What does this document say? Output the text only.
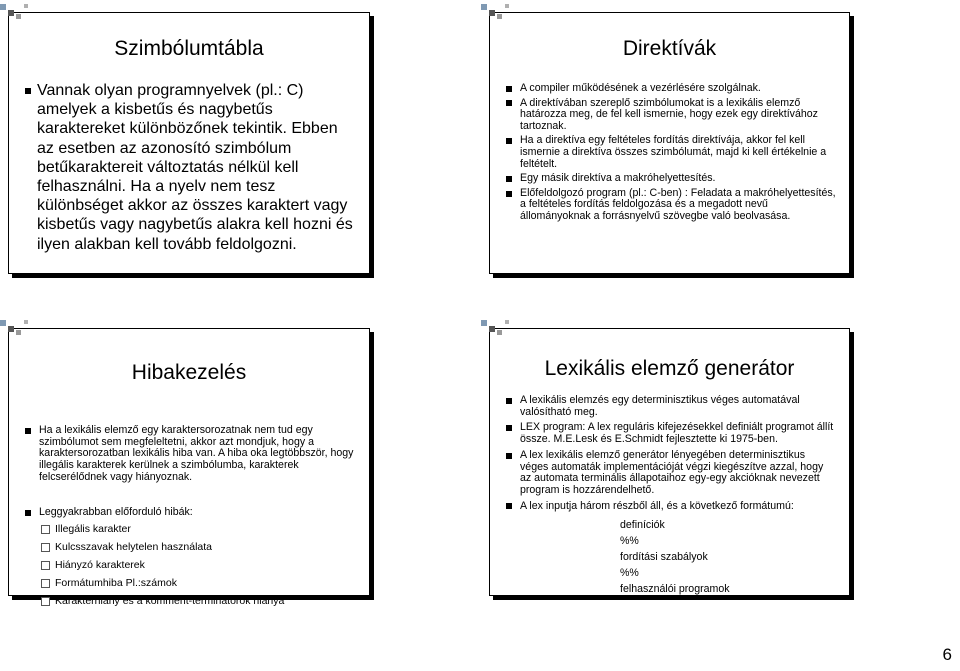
Szimbólumtábla
Vannak olyan programnyelvek (pl.: C) amelyek a kisbetűs és nagybetűs karaktereket különbözőnek tekintik. Ebben az esetben az azonosító szimbólum betűkaraktereit változtatás nélkül kell felhasználni. Ha a nyelv nem tesz különbséget akkor az összes karaktert vagy kisbetűs vagy nagybetűs alakra kell hozni és ilyen alakban kell tovább feldolgozni.
Direktívák
A compiler működésének a vezérlésére szolgálnak.
A direktívában szereplő szimbólumokat is a lexikális elemző határozza meg, de fel kell ismernie, hogy ezek egy direktívához tartoznak.
Ha a direktíva egy feltételes fordítás direktívája, akkor fel kell ismernie a direktíva összes szimbólumát, majd ki kell értékelnie a feltételt.
Egy másik direktíva a makróhelyettesítés.
Előfeldolgozó program (pl.: C-ben) : Feladata a makróhelyettesítés, a feltételes fordítás feldolgozása és a megadott nevű állományoknak a forrásnyelvű szövegbe való beolvasása.
Hibakezelés
Ha a lexikális elemző egy karaktersorozatnak nem tud egy szimbólumot sem megfeleltetni, akkor azt mondjuk, hogy a karaktersorozatban lexikális hiba van. A hiba oka legtöbbször, hogy illegális karakterek kerülnek a szimbólumba, karakterek felcserélődnek vagy hiányoznak.
Leggyakrabban előforduló hibák:
Illegális karakter
Kulcsszavak helytelen használata
Hiányzó karakterek
Formátumhiba Pl.:számok
Karakterhiány és a komment-terminátorok hiánya
Lexikális elemző generátor
A lexikális elemzés egy determinisztikus véges automatával valósítható meg.
LEX program: A lex reguláris kifejezésekkel definiált programot állít össze. M.E.Lesk és E.Schmidt fejlesztette ki 1975-ben.
A lex lexikális elemző generátor lényegében determinisztikus véges automaták implementációját végzi kiegészítve azzal, hogy az automata terminális állapotaihoz egy-egy akcióknak nevezett program is hozzárendelhető.
A lex inputja három részből áll, és a következő formátumú:
definíciók
%%
fordítási szabályok
%%
felhasználói programok
6
